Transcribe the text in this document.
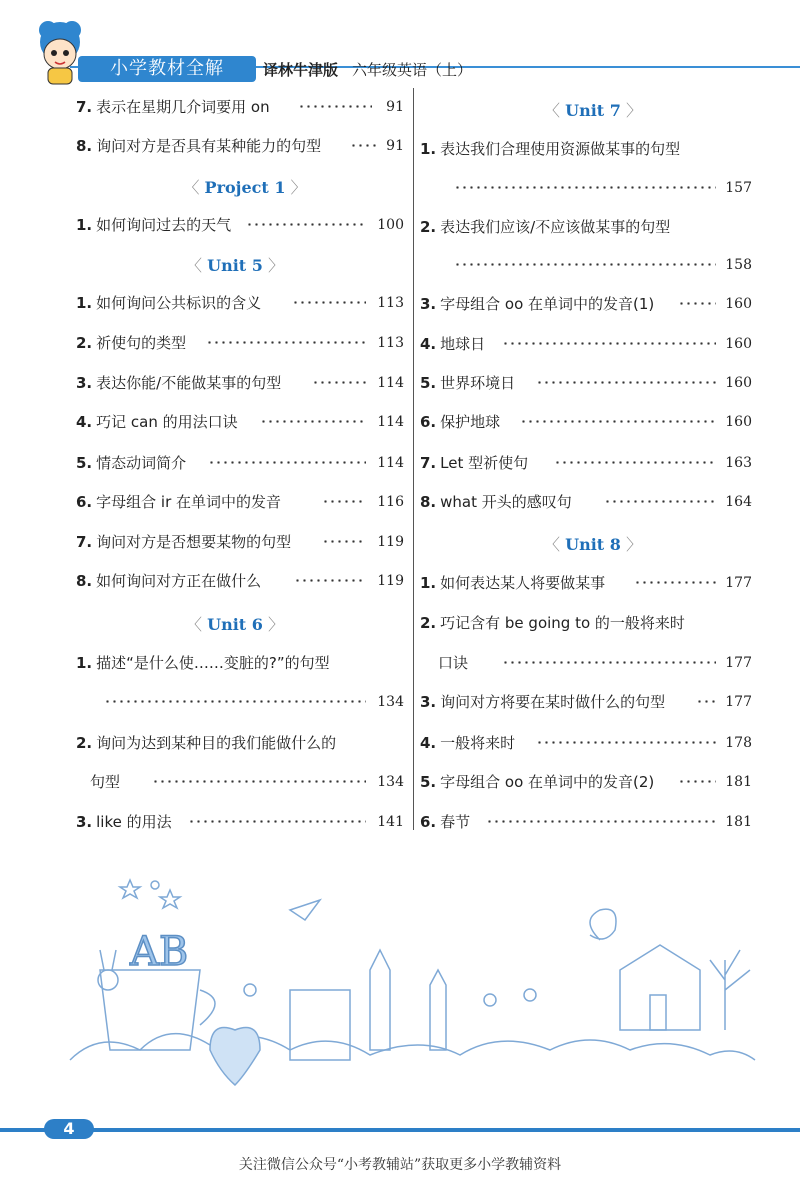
小学教材全解	译林牛津版 六年级英语（上）
7. 表示在星期几介词要用 on	91
8. 询问对方是否具有某种能力的句型	91
〈 Project 1 〉
1. 如何询问过去的天气	100
〈 Unit 5 〉
1. 如何询问公共标识的含义	113
2. 祈使句的类型	113
3. 表达你能/不能做某事的句型	114
4. 巧记 can 的用法口诀	114
5. 情态动词简介	114
6. 字母组合 ir 在单词中的发音	116
7. 询问对方是否想要某物的句型	119
8. 如何询问对方正在做什么	119
〈 Unit 6 〉
1. 描述“是什么使……变脏的?”的句型
134
2. 询问为达到某种目的我们能做什么的
句型	134
3. like 的用法	141
〈 Unit 7 〉
1. 表达我们合理使用资源做某事的句型
157
2. 表达我们应该/不应该做某事的句型
158
3. 字母组合 oo 在单词中的发音(1)	160
4. 地球日	160
5. 世界环境日	160
6. 保护地球	160
7. Let 型祈使句	163
8. what 开头的感叹句	164
〈 Unit 8 〉
1. 如何表达某人将要做某事	177
2. 巧记含有 be going to 的一般将来时
口诀	177
3. 询问对方将要在某时做什么的句型	177
4. 一般将来时	178
5. 字母组合 oo 在单词中的发音(2)	181
6. 春节	181
AB
4
关注微信公众号“小考教辅站”获取更多小学教辅资料
